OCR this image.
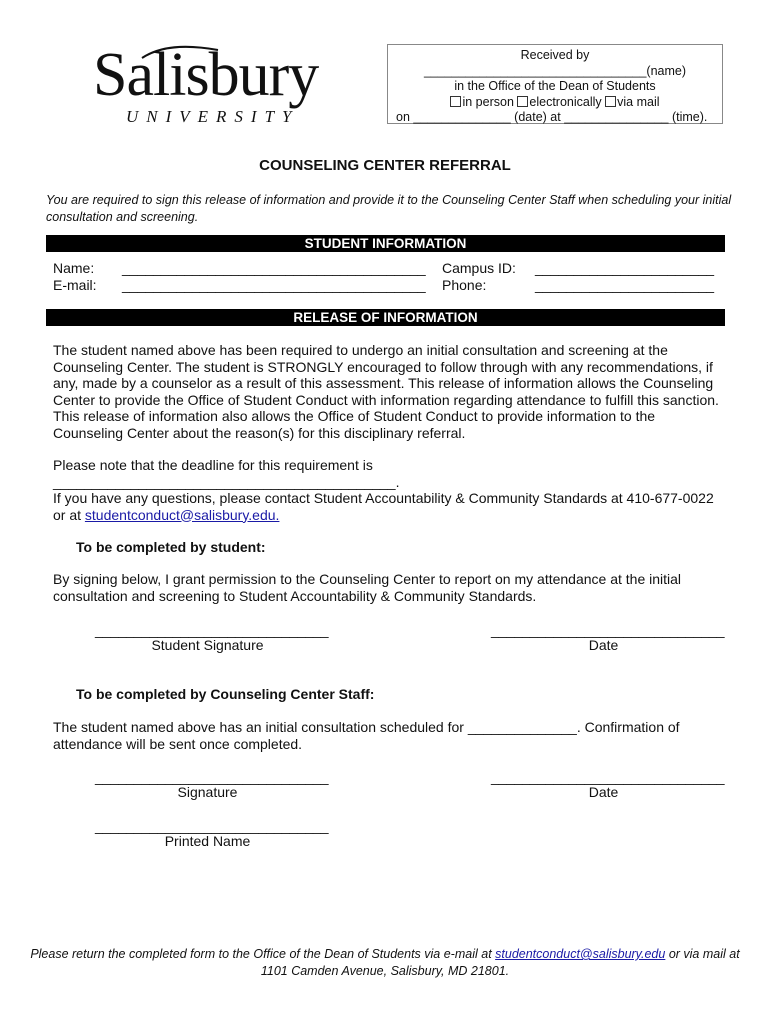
Salisbury
UNIVERSITY
Received by
________________________________(name)
in the Office of the Dean of Students
in person electronically via mail
on ______________ (date) at _______________ (time).
COUNSELING CENTER REFERRAL
You are required to sign this release of information and provide it to the Counseling Center Staff when scheduling your initial consultation and screening.
STUDENT INFORMATION
Name:
E-mail:
_______________________________________
_______________________________________
Campus ID:
Phone:
_______________________
_______________________
RELEASE OF INFORMATION
The student named above has been required to undergo an initial consultation and screening at the Counseling Center. The student is STRONGLY encouraged to follow through with any recommendations, if any, made by a counselor as a result of this assessment. This release of information allows the Counseling Center to provide the Office of Student Conduct with information regarding attendance to fulfill this sanction. This release of information also allows the Office of Student Conduct to provide information to the Counseling Center about the reason(s) for this disciplinary referral.
Please note that the deadline for this requirement is ____________________________________________.
If you have any questions, please contact Student Accountability & Community Standards at 410-677-0022 or at studentconduct@salisbury.edu.
To be completed by student:
By signing below, I grant permission to the Counseling Center to report on my attendance at the initial consultation and screening to Student Accountability & Community Standards.
______________________________
Student Signature
______________________________
Date
To be completed by Counseling Center Staff:
The student named above has an initial consultation scheduled for ______________. Confirmation of attendance will be sent once completed.
______________________________
Signature
______________________________
Date
______________________________
Printed Name
Please return the completed form to the Office of the Dean of Students via e-mail at studentconduct@salisbury.edu or via mail at 1101 Camden Avenue, Salisbury, MD 21801.
